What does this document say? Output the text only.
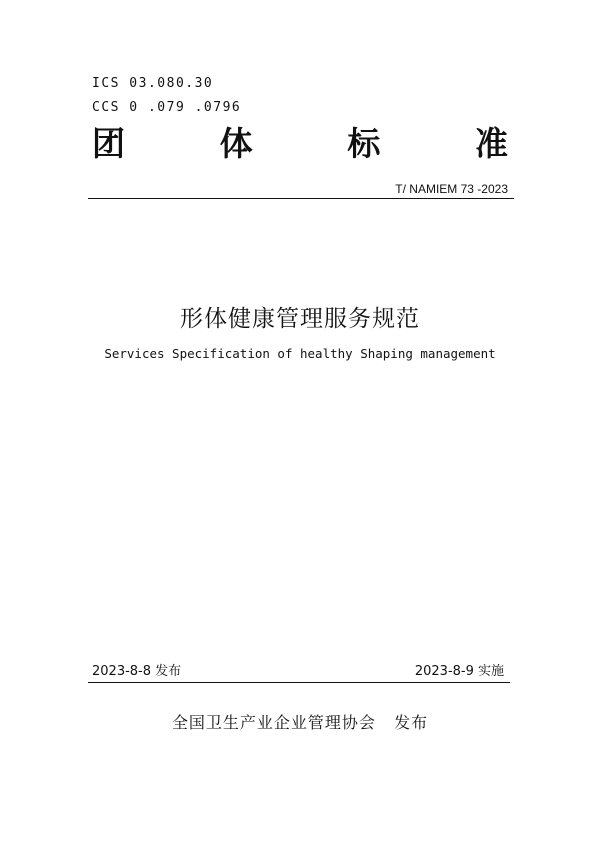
ICS 03.080.30
CCS 0 .079 .0796
团	体	标	准
T/ NAMIEM 73 -2023
形体健康管理服务规范
Services Specification of healthy Shaping management
2023-8-8 发布	2023-8-9 实施
全国卫生产业企业管理协会   发布
